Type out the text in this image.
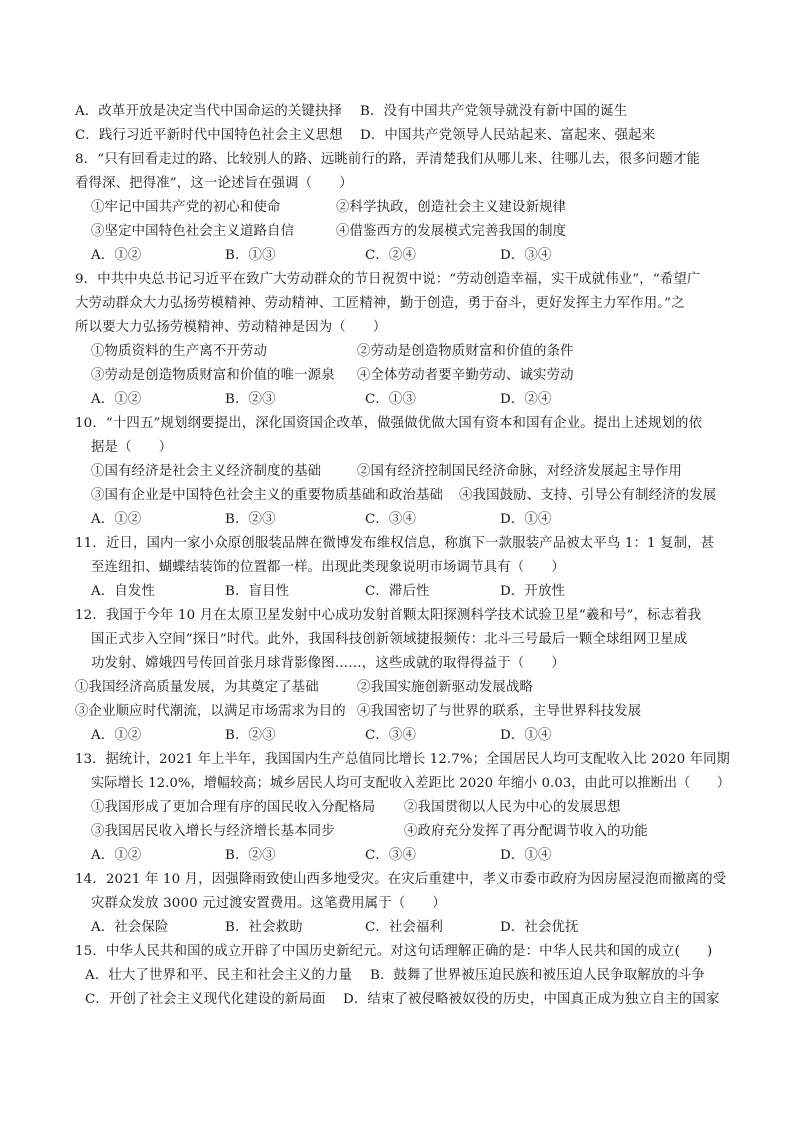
A．改革开放是决定当代中国命运的关键抉择 B．没有中国共产党领导就没有新中国的诞生
C．践行习近平新时代中国特色社会主义思想 D．中国共产党领导人民站起来、富起来、强起来
8．“只有回看走过的路、比较别人的路、远眺前行的路，弄清楚我们从哪儿来、往哪儿去，很多问题才能
看得深、把得准”，这一论述旨在强调（　　）
①牢记中国共产党的初心和使命	②科学执政，创造社会主义建设新规律
③坚定中国特色社会主义道路自信	④借鉴西方的发展模式完善我国的制度
A．①②	B．①③	C．②④	D．③④
9．中共中央总书记习近平在致广大劳动群众的节日祝贺中说：“劳动创造幸福，实干成就伟业”，“希望广
大劳动群众大力弘扬劳模精神、劳动精神、工匠精神，勤于创造，勇于奋斗，更好发挥主力军作用。”之
所以要大力弘扬劳模精神、劳动精神是因为（　　）
①物质资料的生产离不开劳动	②劳动是创造物质财富和价值的条件
③劳动是创造物质财富和价值的唯一源泉 ④全体劳动者要辛勤劳动、诚实劳动
A．①②	B．②③	C．①③	D．②④
10．“十四五”规划纲要提出，深化国资国企改革，做强做优做大国有资本和国有企业。提出上述规划的依
据是（　　）
①国有经济是社会主义经济制度的基础	②国有经济控制国民经济命脉，对经济发展起主导作用
③国有企业是中国特色社会主义的重要物质基础和政治基础 ④我国鼓励、支持、引导公有制经济的发展
A．①②	B．②③	C．③④	D．①④
11．近日，国内一家小众原创服装品牌在微博发布维权信息，称旗下一款服装产品被太平鸟 1：1 复制，甚
至连纽扣、蝴蝶结装饰的位置都一样。出现此类现象说明市场调节具有（　　）
A．自发性	B．盲目性	C．滞后性	D．开放性
12．我国于今年 10 月在太原卫星发射中心成功发射首颗太阳探测科学技术试验卫星“羲和号”，标志着我
国正式步入空间“探日”时代。此外，我国科技创新领域捷报频传：北斗三号最后一颗全球组网卫星成
功发射、嫦娥四号传回首张月球背影像图……，这些成就的取得得益于（　　）
①我国经济高质量发展，为其奠定了基础	②我国实施创新驱动发展战略
③企业顺应时代潮流，以满足市场需求为目的 ④我国密切了与世界的联系，主导世界科技发展
A．①②	B．②③	C．③④	D．①④
13．据统计，2021 年上半年，我国国内生产总值同比增长 12.7%；全国居民人均可支配收入比 2020 年同期
实际增长 12.0%，增幅较高；城乡居民人均可支配收入差距比 2020 年缩小 0.03，由此可以推断出（　　）
①我国形成了更加合理有序的国民收入分配格局 ②我国贯彻以人民为中心的发展思想
③我国居民收入增长与经济增长基本同步	④政府充分发挥了再分配调节收入的功能
A．①②	B．②③	C．③④	D．①④
14．2021 年 10 月，因强降雨致使山西多地受灾。在灾后重建中，孝义市委市政府为因房屋浸泡而撤离的受
灾群众发放 3000 元过渡安置费用。这笔费用属于（　　）
A．社会保险	B．社会救助	C．社会福利	D．社会优抚
15．中华人民共和国的成立开辟了中国历史新纪元。对这句话理解正确的是：中华人民共和国的成立(　　)
A．壮大了世界和平、民主和社会主义的力量 B．鼓舞了世界被压迫民族和被压迫人民争取解放的斗争
C．开创了社会主义现代化建设的新局面 D．结束了被侵略被奴役的历史，中国真正成为独立自主的国家
